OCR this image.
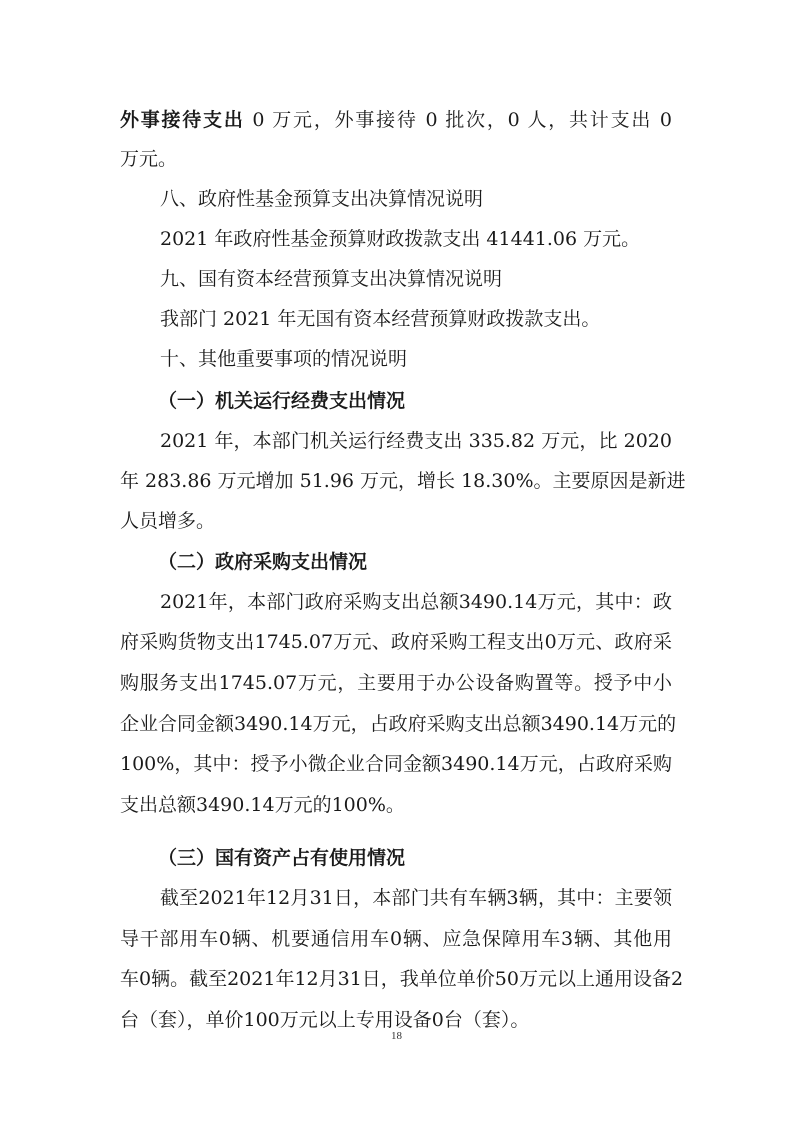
外事接待支出 0 万元，外事接待 0 批次，0 人，共计支出 0
万元。
八、政府性基金预算支出决算情况说明
2021 年政府性基金预算财政拨款支出 41441.06 万元。
九、国有资本经营预算支出决算情况说明
我部门 2021 年无国有资本经营预算财政拨款支出。
十、其他重要事项的情况说明
（一）机关运行经费支出情况
2021 年，本部门机关运行经费支出 335.82 万元，比 2020
年 283.86 万元增加 51.96 万元，增长 18.30%。主要原因是新进
人员增多。
（二）政府采购支出情况
2021年，本部门政府采购支出总额3490.14万元，其中：政
府采购货物支出1745.07万元、政府采购工程支出0万元、政府采
购服务支出1745.07万元，主要用于办公设备购置等。授予中小
企业合同金额3490.14万元，占政府采购支出总额3490.14万元的
100%，其中：授予小微企业合同金额3490.14万元，占政府采购
支出总额3490.14万元的100%。
（三）国有资产占有使用情况
截至2021年12月31日，本部门共有车辆3辆，其中：主要领
导干部用车0辆、机要通信用车0辆、应急保障用车3辆、其他用
车0辆。截至2021年12月31日，我单位单价50万元以上通用设备2
台（套），单价100万元以上专用设备0台（套）。
18
